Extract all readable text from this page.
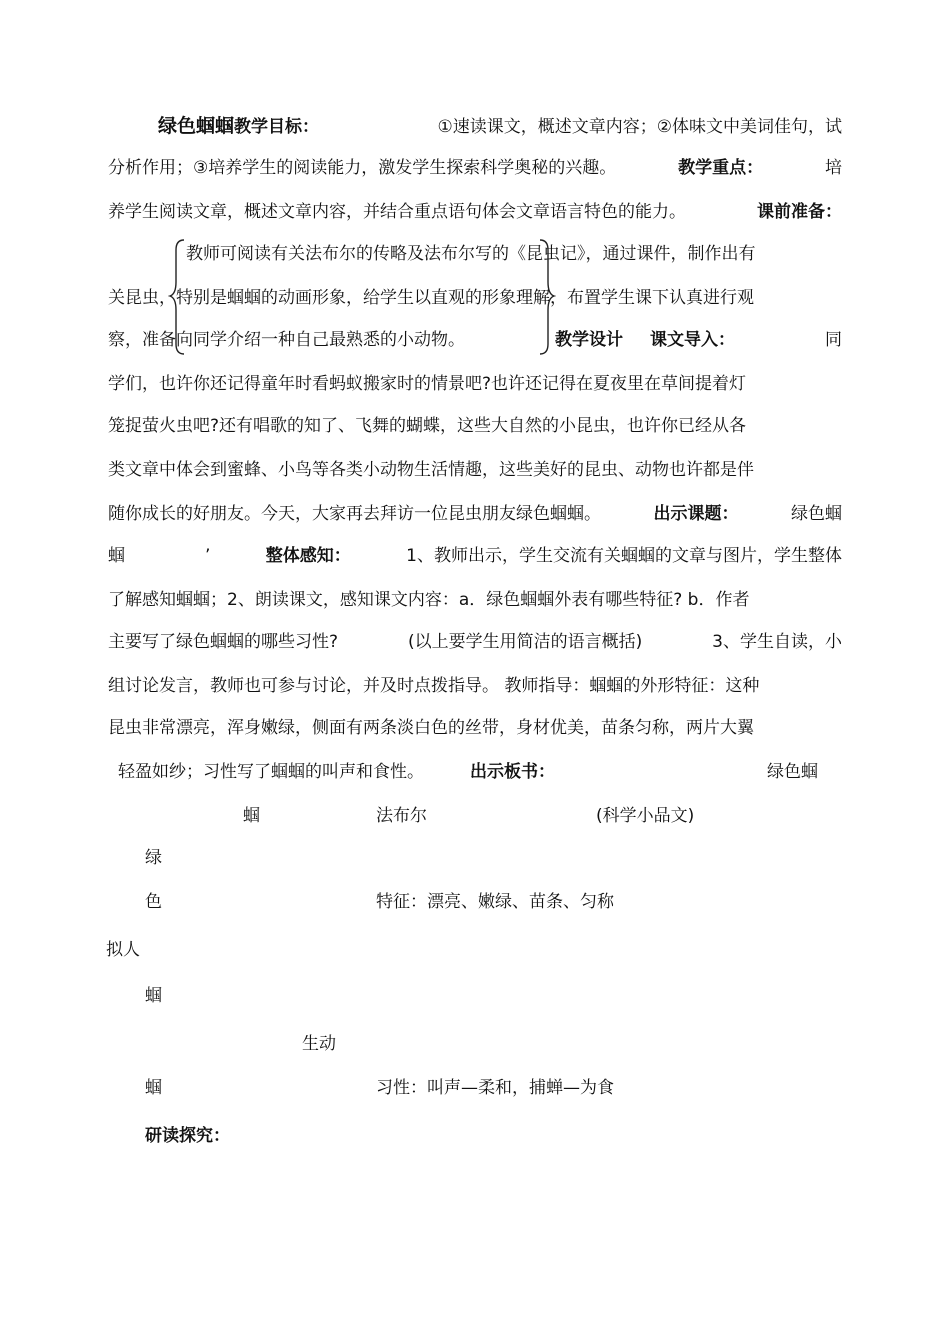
绿色蝈蝈教学目标：	①速读课文，概述文章内容；②体味文中美词佳句，试
分析作用；③培养学生的阅读能力，激发学生探索科学奥秘的兴趣。	教学重点：	培
养学生阅读文章，概述文章内容，并结合重点语句体会文章语言特色的能力。	课前准备：
教师可阅读有关法布尔的传略及法布尔写的《昆虫记》，通过课件，制作出有
关昆虫，特别是蝈蝈的动画形象，给学生以直观的形象理解，布置学生课下认真进行观
察，准备向同学介绍一种自己最熟悉的小动物。	教学设计 课文导入：	同
学们，也许你还记得童年时看蚂蚁搬家时的情景吧?也许还记得在夏夜里在草间提着灯
笼捉萤火虫吧?还有唱歌的知了、飞舞的蝴蝶，这些大自然的小昆虫，也许你已经从各
类文章中体会到蜜蜂、小鸟等各类小动物生活情趣，这些美好的昆虫、动物也许都是伴
随你成长的好朋友。今天，大家再去拜访一位昆虫朋友绿色蝈蝈。	出示课题：	绿色蝈
蝈	’	整体感知：	1、教师出示，学生交流有关蝈蝈的文章与图片，学生整体
了解感知蝈蝈；2、朗读课文，感知课文内容：a．绿色蝈蝈外表有哪些特征? b．作者
主要写了绿色蝈蝈的哪些习性?	(以上要学生用简洁的语言概括)	3、学生自读，小
组讨论发言，教师也可参与讨论，并及时点拨指导。 教师指导：蝈蝈的外形特征：这种
昆虫非常漂亮，浑身嫩绿，侧面有两条淡白色的丝带，身材优美，苗条匀称，两片大翼
轻盈如纱；习性写了蝈蝈的叫声和食性。	出示板书：	绿色蝈
蝈	法布尔	(科学小品文)
绿
色	特征：漂亮、嫩绿、苗条、匀称
拟人
蝈
生动
蝈	习性：叫声—柔和，捕蝉—为食
研读探究：
